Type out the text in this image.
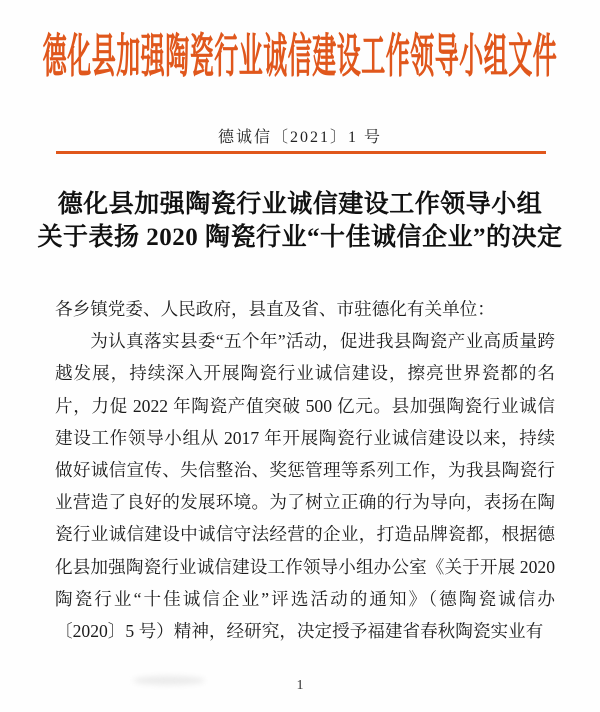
德化县加强陶瓷行业诚信建设工作领导小组文件
德诚信〔2021〕1 号
德化县加强陶瓷行业诚信建设工作领导小组
关于表扬 2020 陶瓷行业“十佳诚信企业”的决定
各乡镇党委、人民政府，县直及省、市驻德化有关单位：
为认真落实县委“五个年”活动，促进我县陶瓷产业高质量跨越发展，持续深入开展陶瓷行业诚信建设，擦亮世界瓷都的名片，力促 2022 年陶瓷产值突破 500 亿元。县加强陶瓷行业诚信建设工作领导小组从 2017 年开展陶瓷行业诚信建设以来，持续做好诚信宣传、失信整治、奖惩管理等系列工作，为我县陶瓷行业营造了良好的发展环境。为了树立正确的行为导向，表扬在陶瓷行业诚信建设中诚信守法经营的企业，打造品牌瓷都，根据德化县加强陶瓷行业诚信建设工作领导小组办公室《关于开展 2020 陶瓷行业“十佳诚信企业”评选活动的通知》（德陶瓷诚信办〔2020〕5 号）精神，经研究，决定授予福建省春秋陶瓷实业有
1
